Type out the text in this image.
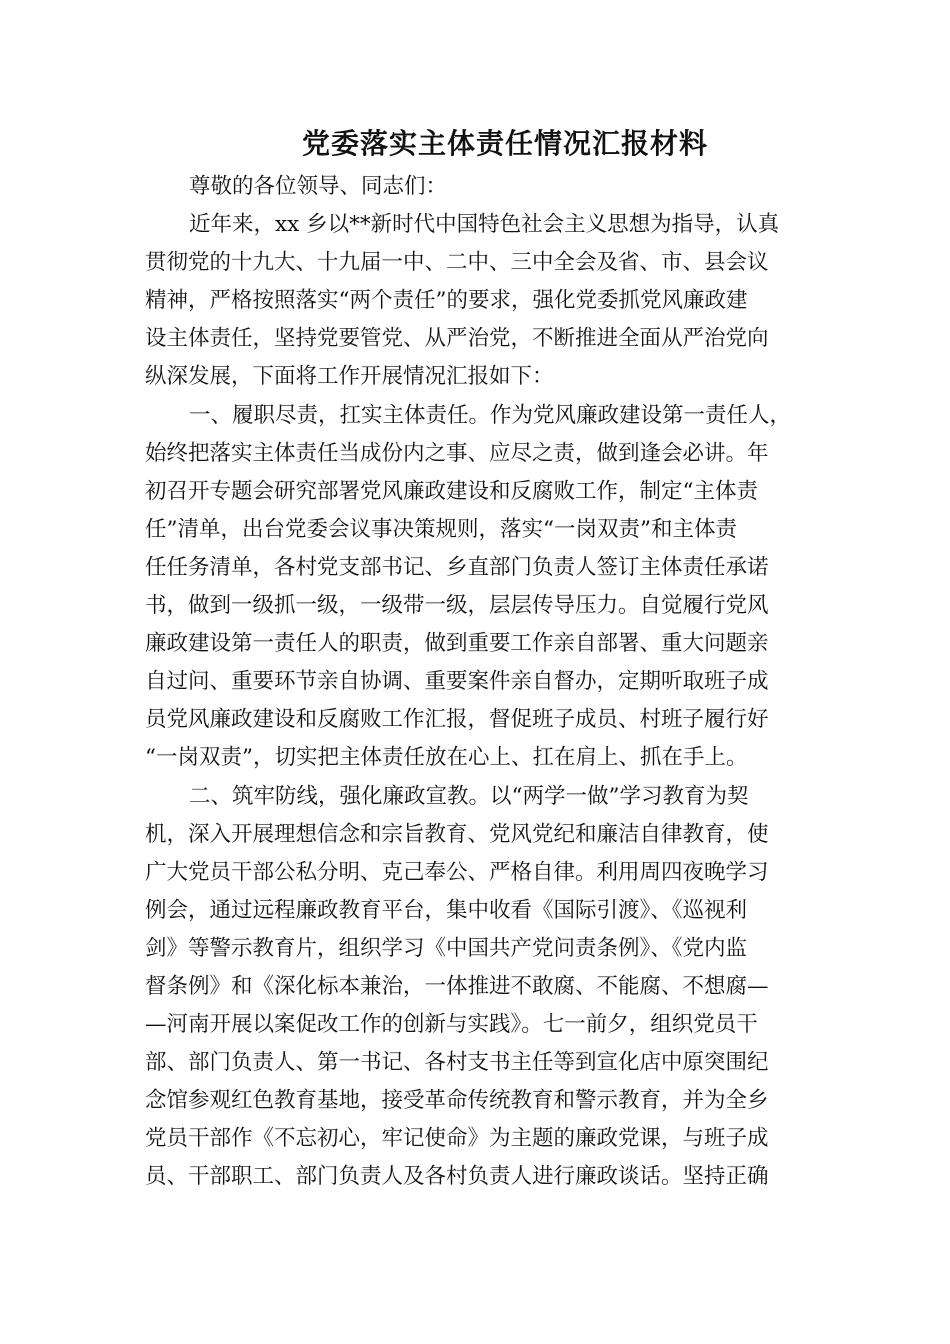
党委落实主体责任情况汇报材料
尊敬的各位领导、同志们：
近年来，xx 乡以**新时代中国特色社会主义思想为指导，认真
贯彻党的十九大、十九届一中、二中、三中全会及省、市、县会议
精神，严格按照落实“两个责任”的要求，强化党委抓党风廉政建
设主体责任，坚持党要管党、从严治党，不断推进全面从严治党向
纵深发展，下面将工作开展情况汇报如下：
一、履职尽责，扛实主体责任。作为党风廉政建设第一责任人，
始终把落实主体责任当成份内之事、应尽之责，做到逢会必讲。年
初召开专题会研究部署党风廉政建设和反腐败工作，制定“主体责
任”清单，出台党委会议事决策规则，落实“一岗双责”和主体责
任任务清单，各村党支部书记、乡直部门负责人签订主体责任承诺
书，做到一级抓一级，一级带一级，层层传导压力。自觉履行党风
廉政建设第一责任人的职责，做到重要工作亲自部署、重大问题亲
自过问、重要环节亲自协调、重要案件亲自督办，定期听取班子成
员党风廉政建设和反腐败工作汇报，督促班子成员、村班子履行好
“一岗双责”，切实把主体责任放在心上、扛在肩上、抓在手上。
二、筑牢防线，强化廉政宣教。以“两学一做”学习教育为契
机，深入开展理想信念和宗旨教育、党风党纪和廉洁自律教育，使
广大党员干部公私分明、克己奉公、严格自律。利用周四夜晚学习
例会，通过远程廉政教育平台，集中收看《国际引渡》、《巡视利
剑》等警示教育片，组织学习《中国共产党问责条例》、《党内监
督条例》和《深化标本兼治，一体推进不敢腐、不能腐、不想腐—
—河南开展以案促改工作的创新与实践》。七一前夕，组织党员干
部、部门负责人、第一书记、各村支书主任等到宣化店中原突围纪
念馆参观红色教育基地，接受革命传统教育和警示教育，并为全乡
党员干部作《不忘初心，牢记使命》为主题的廉政党课，与班子成
员、干部职工、部门负责人及各村负责人进行廉政谈话。坚持正确
